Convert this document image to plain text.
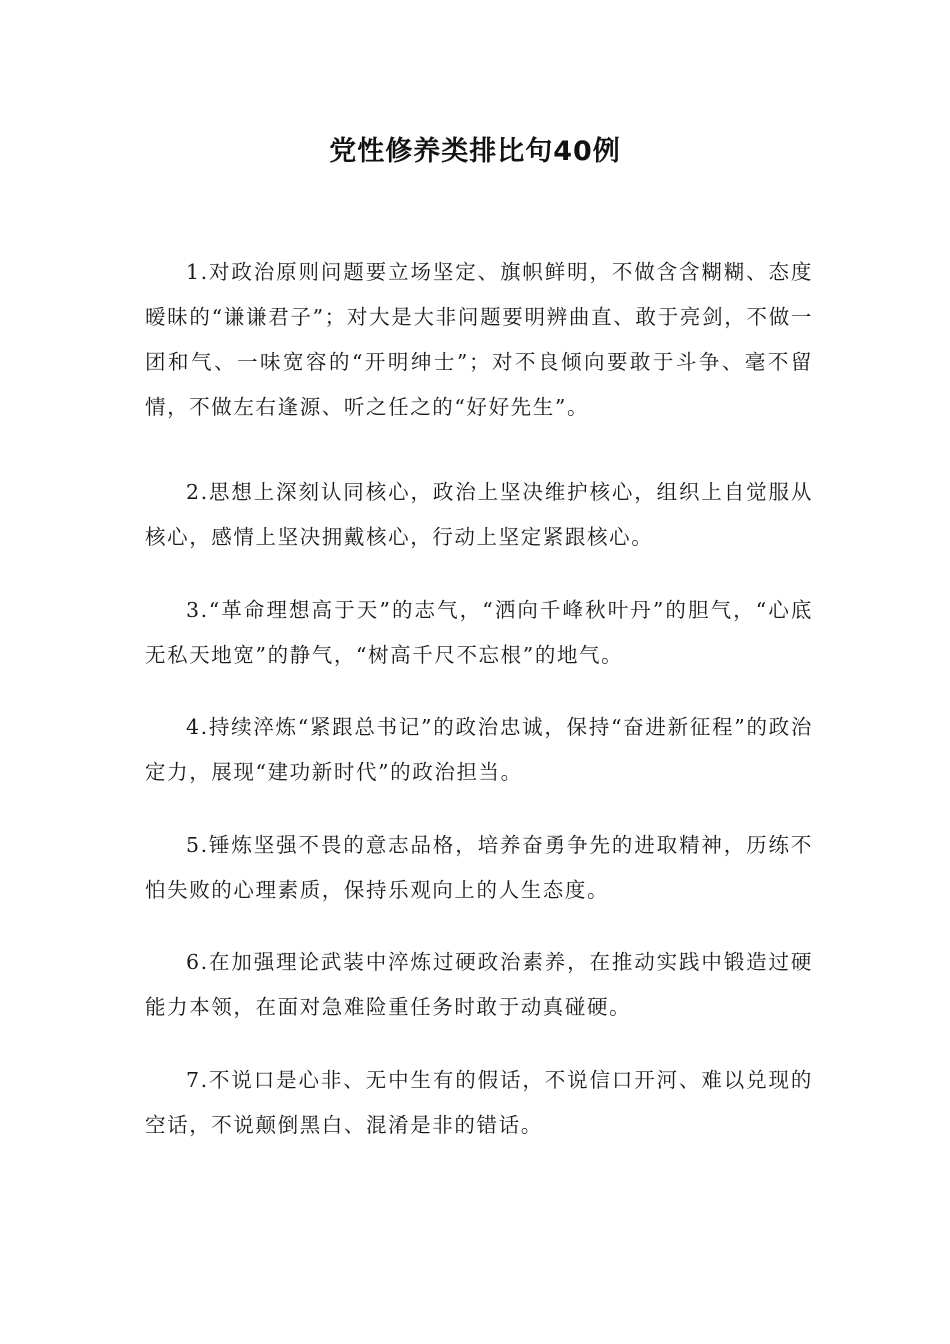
党性修养类排比句40例

1.对政治原则问题要立场坚定、旗帜鲜明，不做含含糊糊、态度暧昧的“谦谦君子”；对大是大非问题要明辨曲直、敢于亮剑，不做一团和气、一味宽容的“开明绅士”；对不良倾向要敢于斗争、毫不留情，不做左右逢源、听之任之的“好好先生”。

2.思想上深刻认同核心，政治上坚决维护核心，组织上自觉服从核心，感情上坚决拥戴核心，行动上坚定紧跟核心。

3.“革命理想高于天”的志气，“洒向千峰秋叶丹”的胆气，“心底无私天地宽”的静气，“树高千尺不忘根”的地气。

4.持续淬炼“紧跟总书记”的政治忠诚，保持“奋进新征程”的政治定力，展现“建功新时代”的政治担当。

5.锤炼坚强不畏的意志品格，培养奋勇争先的进取精神，历练不怕失败的心理素质，保持乐观向上的人生态度。

6.在加强理论武装中淬炼过硬政治素养，在推动实践中锻造过硬能力本领，在面对急难险重任务时敢于动真碰硬。

7.不说口是心非、无中生有的假话，不说信口开河、难以兑现的空话，不说颠倒黑白、混淆是非的错话。
